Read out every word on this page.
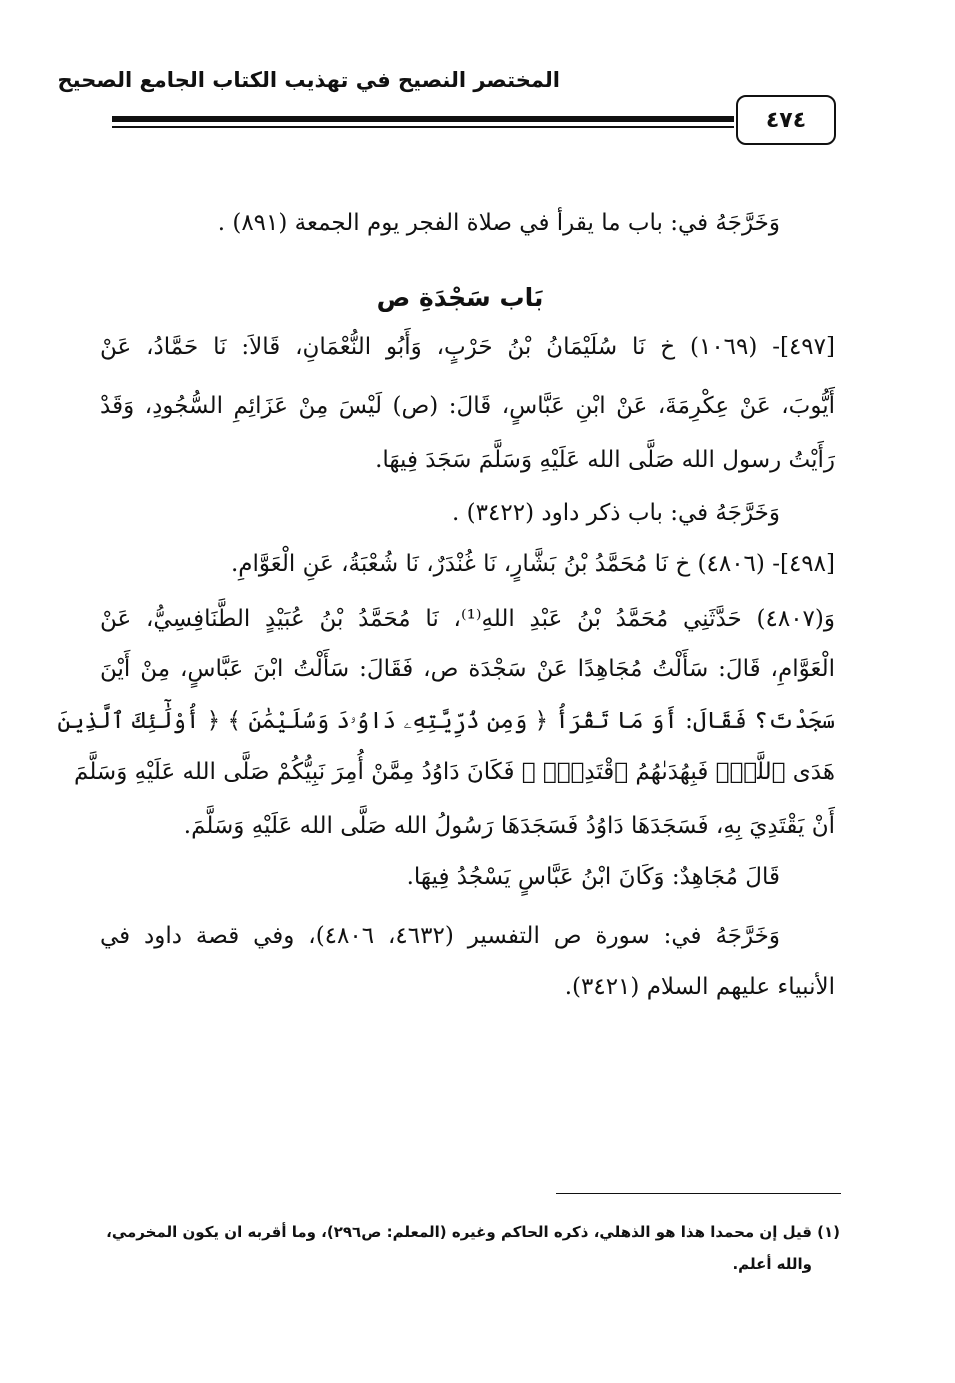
المختصر النصيح في تهذيب الكتاب الجامع الصحيح
٤٧٤
وَخَرَّجَهُ في: باب ما يقرأ في صلاة الفجر يوم الجمعة (٨٩١) .
بَاب سَجْدَةِ ص
[٤٩٧]- (١٠٦٩) خ نَا سُلَيْمَانُ بْنُ حَرْبٍ، وَأَبُو النُّعْمَانِ، قَالاَ: نَا حَمَّادُ، عَنْ
أَيُّوبَ، عَنْ عِكْرِمَةَ، عَنْ ابْنِ عَبَّاسٍ، قَالَ: (ص) لَيْسَ مِنْ عَزَائِمِ السُّجُودِ، وَقَدْ
رَأَيْتُ رسول الله صَلَّى الله عَلَيْهِ وَسَلَّمَ سَجَدَ فِيهَا.
وَخَرَّجَهُ في: باب ذكر داود (٣٤٢٢) .
[٤٩٨]- (٤٨٠٦) خ نَا مُحَمَّدُ بْنُ بَشَّارٍ، نَا غُنْدَرٌ، نَا شُعْبَةُ، عَنِ الْعَوَّامِ.
وَ(٤٨٠٧) حَدَّثَنِي مُحَمَّدُ بْنُ عَبْدِ اللهِ⁽¹⁾، نَا مُحَمَّدُ بْنُ عُبَيْدٍ الطَّنَافِسِيُّ، عَنْ
الْعَوَّامِ، قَالَ: سَأَلْتُ مُجَاهِدًا عَنْ سَجْدَة ص، فَقَالَ: سَأَلْتُ ابْنَ عَبَّاسٍ، مِنْ أَيْنَ
سَجَدْتَ؟ فَقَالَ: أَوَ مَا تَقْرَأُ ﴿ وَمِن ذُرِّيَّتِهِۦ دَاوُۥدَ وَسُلَيْمَٰنَ ﴾ ﴿ أُوْلَٰٓئِكَ ٱلَّذِينَ
هَدَى ٱللَّهُۖ فَبِهُدَىٰهُمُ ٱقْتَدِهْۗ ﴾ فَكَانَ دَاوُدُ مِمَّنْ أُمِرَ نَبِيُّكُمْ صَلَّى الله عَلَيْهِ وَسَلَّمَ
أَنْ يَقْتَدِيَ بِهِ، فَسَجَدَهَا دَاوُدُ فَسَجَدَهَا رَسُولُ الله صَلَّى الله عَلَيْهِ وَسَلَّمَ.
قَالَ مُجَاهِدٌ: وَكَانَ ابْنُ عَبَّاسٍ يَسْجُدُ فِيهَا.
وَخَرَّجَهُ في: سورة ص التفسير (٤٦٣٢، ٤٨٠٦)، وفي قصة داود في
الأنبياء عليهم السلام (٣٤٢١).
(١) قيل إن محمدا هذا هو الذهلي، ذكره الحاكم وغيره (المعلم: ص٢٩٦)، وما أقربه ان يكون المخرمي،
والله أعلم.
